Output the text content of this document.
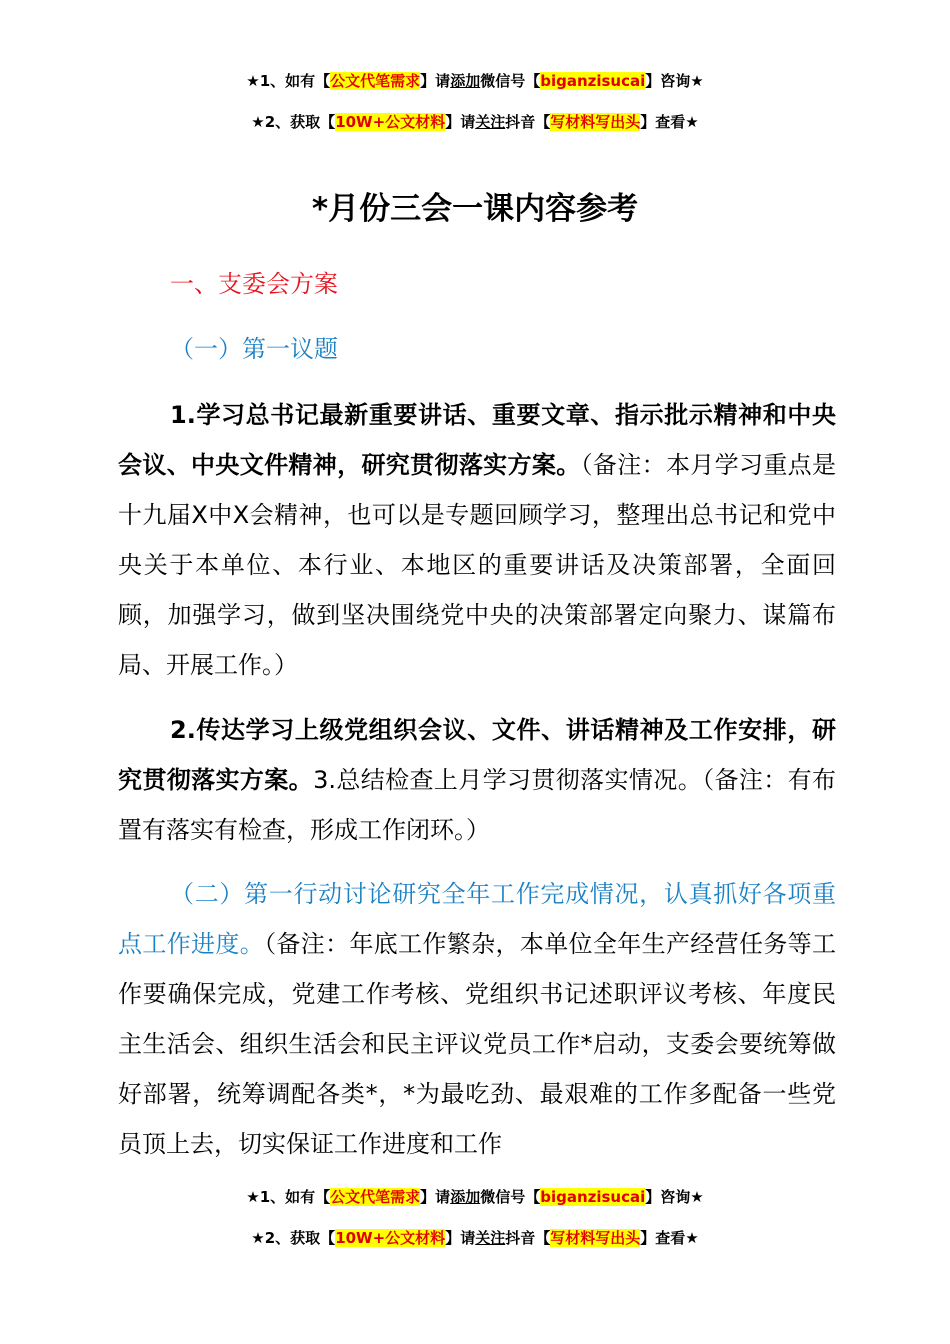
★1、如有【公文代笔需求】请添加微信号【biganzisucai】咨询★
★2、获取【10W+公文材料】请关注抖音【写材料写出头】查看★
*月份三会一课内容参考
一、支委会方案
（一）第一议题

1.学习总书记最新重要讲话、重要文章、指示批示精神和中央会议、中央文件精神，研究贯彻落实方案。（备注：本月学习重点是十九届X中X会精神，也可以是专题回顾学习，整理出总书记和党中央关于本单位、本行业、本地区的重要讲话及决策部署，全面回顾，加强学习，做到坚决围绕党中央的决策部署定向聚力、谋篇布局、开展工作。）

2.传达学习上级党组织会议、文件、讲话精神及工作安排，研究贯彻落实方案。3.总结检查上月学习贯彻落实情况。（备注：有布置有落实有检查，形成工作闭环。）

（二）第一行动讨论研究全年工作完成情况，认真抓好各项重点工作进度。（备注：年底工作繁杂，本单位全年生产经营任务等工作要确保完成，党建工作考核、党组织书记述职评议考核、年度民主生活会、组织生活会和民主评议党员工作*启动，支委会要统筹做好部署，统筹调配各类*，*为最吃劲、最艰难的工作多配备一些党员顶上去，切实保证工作进度和工作

★1、如有【公文代笔需求】请添加微信号【biganzisucai】咨询★
★2、获取【10W+公文材料】请关注抖音【写材料写出头】查看★
